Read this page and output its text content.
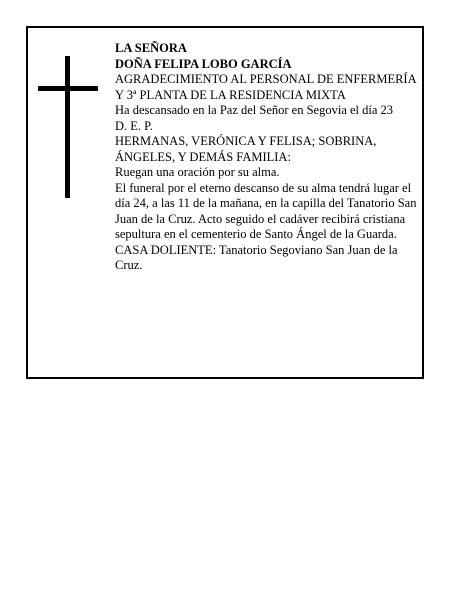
LA SEÑORA

DOÑA FELIPA LOBO GARCÍA

AGRADECIMIENTO AL PERSONAL DE ENFERMERÍA Y 3ª PLANTA DE LA RESIDENCIA MIXTA

Ha descansado en la Paz del Señor en Segovia el día 23

D. E. P.

HERMANAS, VERÓNICA Y FELISA; SOBRINA, ÁNGELES, Y DEMÁS FAMILIA:

Ruegan una oración por su alma.

El funeral por el eterno descanso de su alma tendrá lugar el día 24, a las 11 de la mañana, en la capilla del Tanatorio San Juan de la Cruz. Acto seguido el cadáver recibirá cristiana sepultura en el cementerio de Santo Ángel de la Guarda.

CASA DOLIENTE: Tanatorio Segoviano San Juan de la Cruz.
